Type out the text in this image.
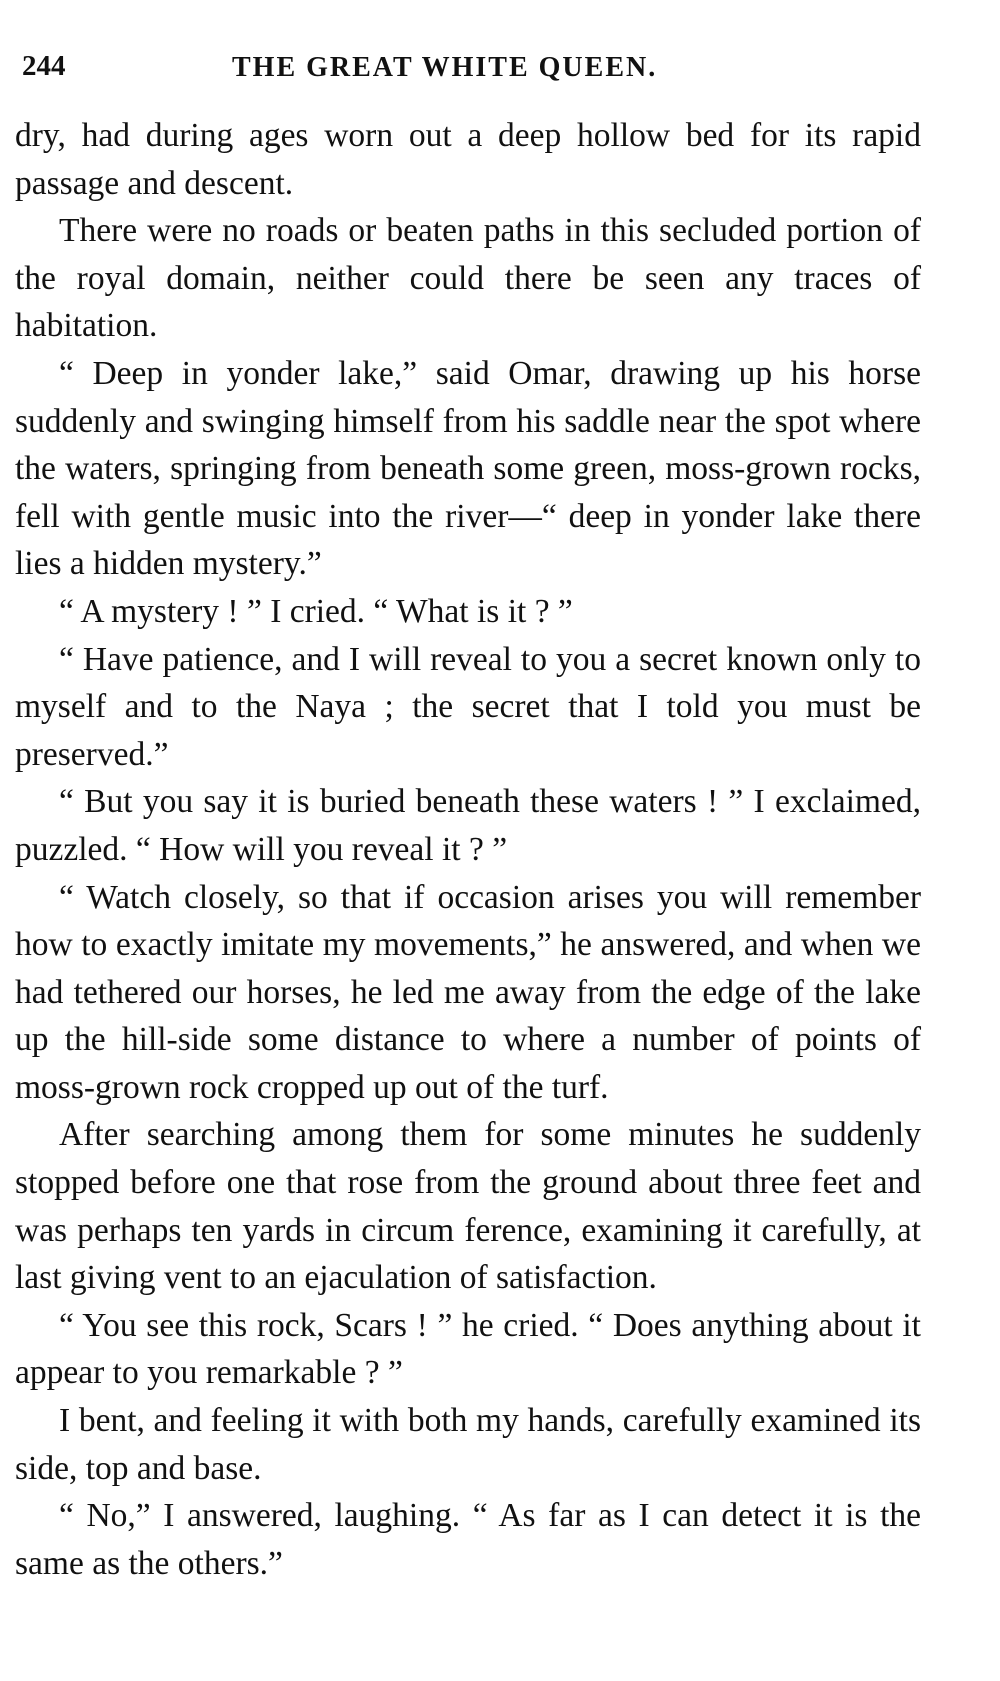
244	THE GREAT WHITE QUEEN.

dry, had during ages worn out a deep hollow bed for its rapid passage and descent.

There were no roads or beaten paths in this secluded portion of the royal domain, neither could there be seen any traces of habitation.

“ Deep in yonder lake,” said Omar, drawing up his horse suddenly and swinging himself from his saddle near the spot where the waters, springing from beneath some green, moss-grown rocks, fell with gentle music into the river—“ deep in yonder lake there lies a hidden mystery.”

“ A mystery ! ” I cried. “ What is it ? ”

“ Have patience, and I will reveal to you a secret known only to myself and to the Naya ; the secret that I told you must be preserved.”

“ But you say it is buried beneath these waters ! ” I exclaimed, puzzled. “ How will you reveal it ? ”

“ Watch closely, so that if occasion arises you will remember how to exactly imitate my movements,” he answered, and when we had tethered our horses, he led me away from the edge of the lake up the hill-side some distance to where a number of points of moss-grown rock cropped up out of the turf.

After searching among them for some minutes he suddenly stopped before one that rose from the ground about three feet and was perhaps ten yards in circum ference, examining it carefully, at last giving vent to an ejaculation of satisfaction.

“ You see this rock, Scars ! ” he cried. “ Does anything about it appear to you remarkable ? ”

I bent, and feeling it with both my hands, carefully examined its side, top and base.

“ No,” I answered, laughing. “ As far as I can detect it is the same as the others.”
